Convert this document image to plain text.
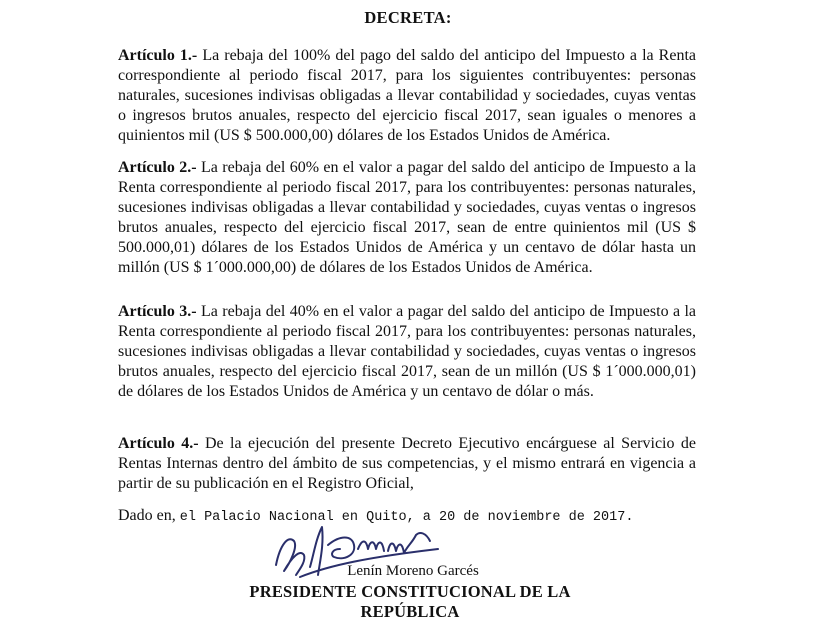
DECRETA:
Artículo 1.- La rebaja del 100% del pago del saldo del anticipo del Impuesto a la Renta correspondiente al periodo fiscal 2017, para los siguientes contribuyentes: personas naturales, sucesiones indivisas obligadas a llevar contabilidad y sociedades, cuyas ventas o ingresos brutos anuales, respecto del ejercicio fiscal 2017, sean iguales o menores a quinientos mil (US $ 500.000,00) dólares de los Estados Unidos de América.
Artículo 2.- La rebaja del 60% en el valor a pagar del saldo del anticipo de Impuesto a la Renta correspondiente al periodo fiscal 2017, para los contribuyentes: personas naturales, sucesiones indivisas obligadas a llevar contabilidad y sociedades, cuyas ventas o ingresos brutos anuales, respecto del ejercicio fiscal 2017, sean de entre quinientos mil (US $ 500.000,01) dólares de los Estados Unidos de América y un centavo de dólar hasta un millón (US $ 1´000.000,00) de dólares de los Estados Unidos de América.
Artículo 3.- La rebaja del 40% en el valor a pagar del saldo del anticipo de Impuesto a la Renta correspondiente al periodo fiscal 2017, para los contribuyentes: personas naturales, sucesiones indivisas obligadas a llevar contabilidad y sociedades, cuyas ventas o ingresos brutos anuales, respecto del ejercicio fiscal 2017, sean de un millón (US $ 1´000.000,01) de dólares de los Estados Unidos de América y un centavo de dólar o más.
Artículo 4.- De la ejecución del presente Decreto Ejecutivo encárguese al Servicio de Rentas Internas dentro del ámbito de sus competencias, y el mismo entrará en vigencia a partir de su publicación en el Registro Oficial,
Dado en, el Palacio Nacional en Quito, a 20 de noviembre de 2017.
Lenín Moreno Garcés
PRESIDENTE CONSTITUCIONAL DE LA REPÚBLICA
